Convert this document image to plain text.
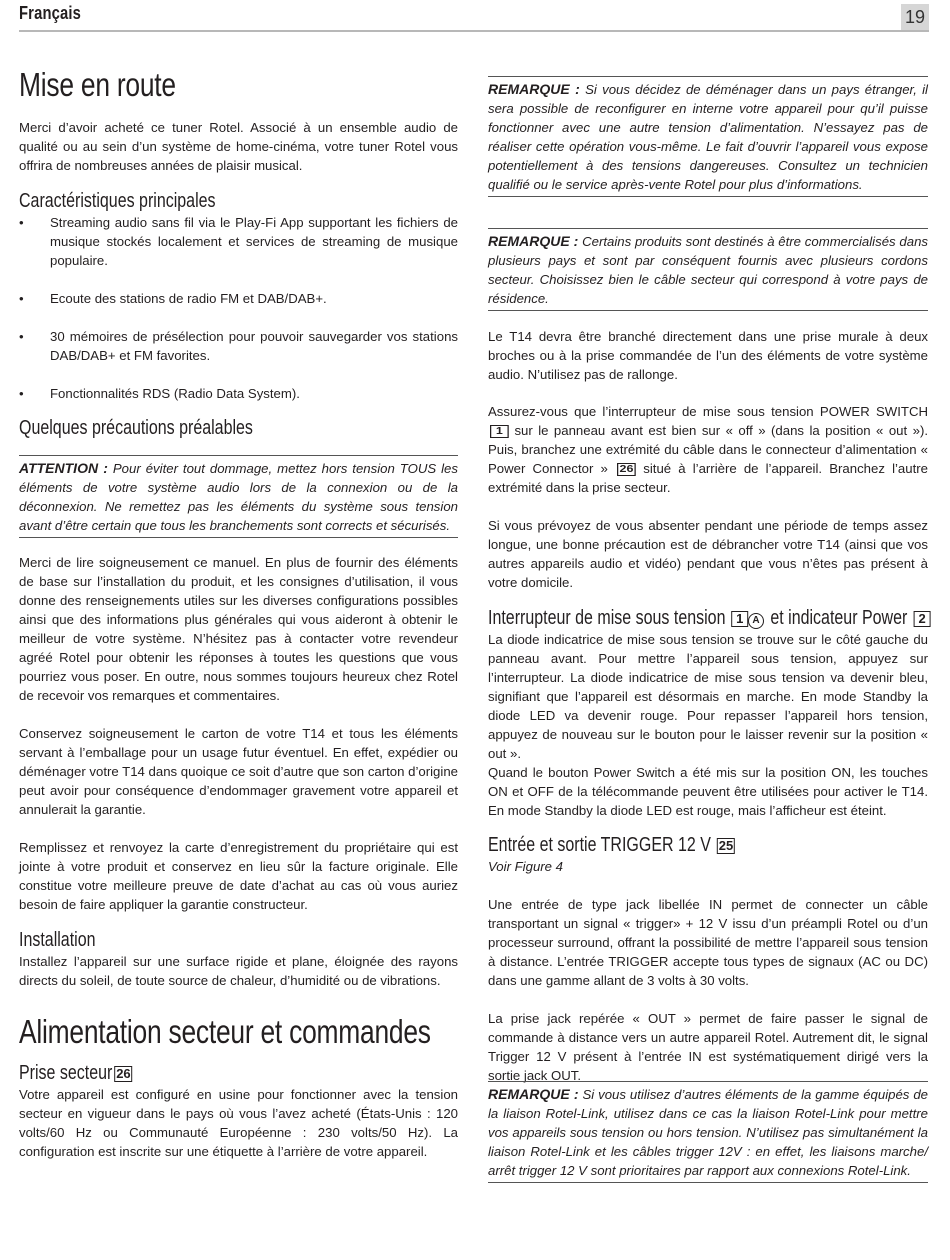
Français	19
Mise en route

Merci d’avoir acheté ce tuner Rotel. Associé à un ensemble audio de qualité ou au sein d’un système de home-cinéma, votre tuner Rotel vous offrira de nombreuses années de plaisir musical.

Caractéristiques principales
• Streaming audio sans fil via le Play-Fi App supportant les fichiers de musique stockés localement et services de streaming de musique populaire.
• Ecoute des stations de radio FM et DAB/DAB+.
• 30 mémoires de présélection pour pouvoir sauvegarder vos stations DAB/DAB+ et FM favorites.
• Fonctionnalités RDS (Radio Data System).
Quelques précautions préalables

ATTENTION : Pour éviter tout dommage, mettez hors tension TOUS les éléments de votre système audio lors de la connexion ou de la déconnexion. Ne remettez pas les éléments du système sous tension avant d’être certain que tous les branchements sont corrects et sécurisés.

Merci de lire soigneusement ce manuel. En plus de fournir des éléments de base sur l’installation du produit, et les consignes d’utilisation, il vous donne des renseignements utiles sur les diverses configurations possibles ainsi que des informations plus générales qui vous aideront à obtenir le meilleur de votre système. N’hésitez pas à contacter votre revendeur agréé Rotel pour obtenir les réponses à toutes les questions que vous pourriez vous poser. En outre, nous sommes toujours heureux chez Rotel de recevoir vos remarques et commentaires.

Conservez soigneusement le carton de votre T14 et tous les éléments servant à l’emballage pour un usage futur éventuel. En effet, expédier ou déménager votre T14 dans quoique ce soit d’autre que son carton d’origine peut avoir pour conséquence d’endommager gravement votre appareil et annulerait la garantie.

Remplissez et renvoyez la carte d’enregistrement du propriétaire qui est jointe à votre produit et conservez en lieu sûr la facture originale. Elle constitue votre meilleure preuve de date d’achat au cas où vous auriez besoin de faire appliquer la garantie constructeur.

Installation

Installez l’appareil sur une surface rigide et plane, éloignée des rayons directs du soleil, de toute source de chaleur, d’humidité ou de vibrations.

Alimentation secteur et commandes
Prise secteur 26

Votre appareil est configuré en usine pour fonctionner avec la tension secteur en vigueur dans le pays où vous l’avez acheté (États-Unis : 120 volts/60 Hz ou Communauté Européenne : 230 volts/50 Hz). La configuration est inscrite sur une étiquette à l’arrière de votre appareil.

REMARQUE : Si vous décidez de déménager dans un pays étranger, il sera possible de reconfigurer en interne votre appareil pour qu’il puisse fonctionner avec une autre tension d’alimentation. N’essayez pas de réaliser cette opération vous-même. Le fait d’ouvrir l’appareil vous expose potentiellement à des tensions dangereuses. Consultez un technicien qualifié ou le service après-vente Rotel pour plus d’informations.

REMARQUE : Certains produits sont destinés à être commercialisés dans plusieurs pays et sont par conséquent fournis avec plusieurs cordons secteur. Choisissez bien le câble secteur qui correspond à votre pays de résidence.

Le T14 devra être branché directement dans une prise murale à deux broches ou à la prise commandée de l’un des éléments de votre système audio. N’utilisez pas de rallonge.

Assurez-vous que l’interrupteur de mise sous tension POWER SWITCH 1 sur le panneau avant est bien sur « off » (dans la position « out »). Puis, branchez une extrémité du câble dans le connecteur d’alimentation « Power Connector » 26 situé à l’arrière de l’appareil. Branchez l’autre extrémité dans la prise secteur.

Si vous prévoyez de vous absenter pendant une période de temps assez longue, une bonne précaution est de débrancher votre T14 (ainsi que vos autres appareils audio et vidéo) pendant que vous n’êtes pas présent à votre domicile.

Interrupteur de mise sous tension 1 A et indicateur Power 2

La diode indicatrice de mise sous tension se trouve sur le côté gauche du panneau avant. Pour mettre l’appareil sous tension, appuyez sur l’interrupteur. La diode indicatrice de mise sous tension va devenir bleu, signifiant que l’appareil est désormais en marche. En mode Standby la diode LED va devenir rouge. Pour repasser l’appareil hors tension, appuyez de nouveau sur le bouton pour le laisser revenir sur la position « out ».

Quand le bouton Power Switch a été mis sur la position ON, les touches ON et OFF de la télécommande peuvent être utilisées pour activer le T14. En mode Standby la diode LED est rouge, mais l’afficheur est éteint.

Entrée et sortie TRIGGER 12 V 25
Voir Figure 4

Une entrée de type jack libellée IN permet de connecter un câble transportant un signal « trigger» + 12 V issu d’un préampli Rotel ou d’un processeur surround, offrant la possibilité de mettre l’appareil sous tension à distance. L’entrée TRIGGER accepte tous types de signaux (AC ou DC) dans une gamme allant de 3 volts à 30 volts.

La prise jack repérée « OUT » permet de faire passer le signal de commande à distance vers un autre appareil Rotel. Autrement dit, le signal Trigger 12 V présent à l’entrée IN est systématiquement dirigé vers la sortie jack OUT.

REMARQUE : Si vous utilisez d’autres éléments de la gamme équipés de la liaison Rotel-Link, utilisez dans ce cas la liaison Rotel-Link pour mettre vos appareils sous tension ou hors tension. N’utilisez pas simultanément la liaison Rotel-Link et les câbles trigger 12V : en effet, les liaisons marche/ arrêt trigger 12 V sont prioritaires par rapport aux connexions Rotel-Link.
